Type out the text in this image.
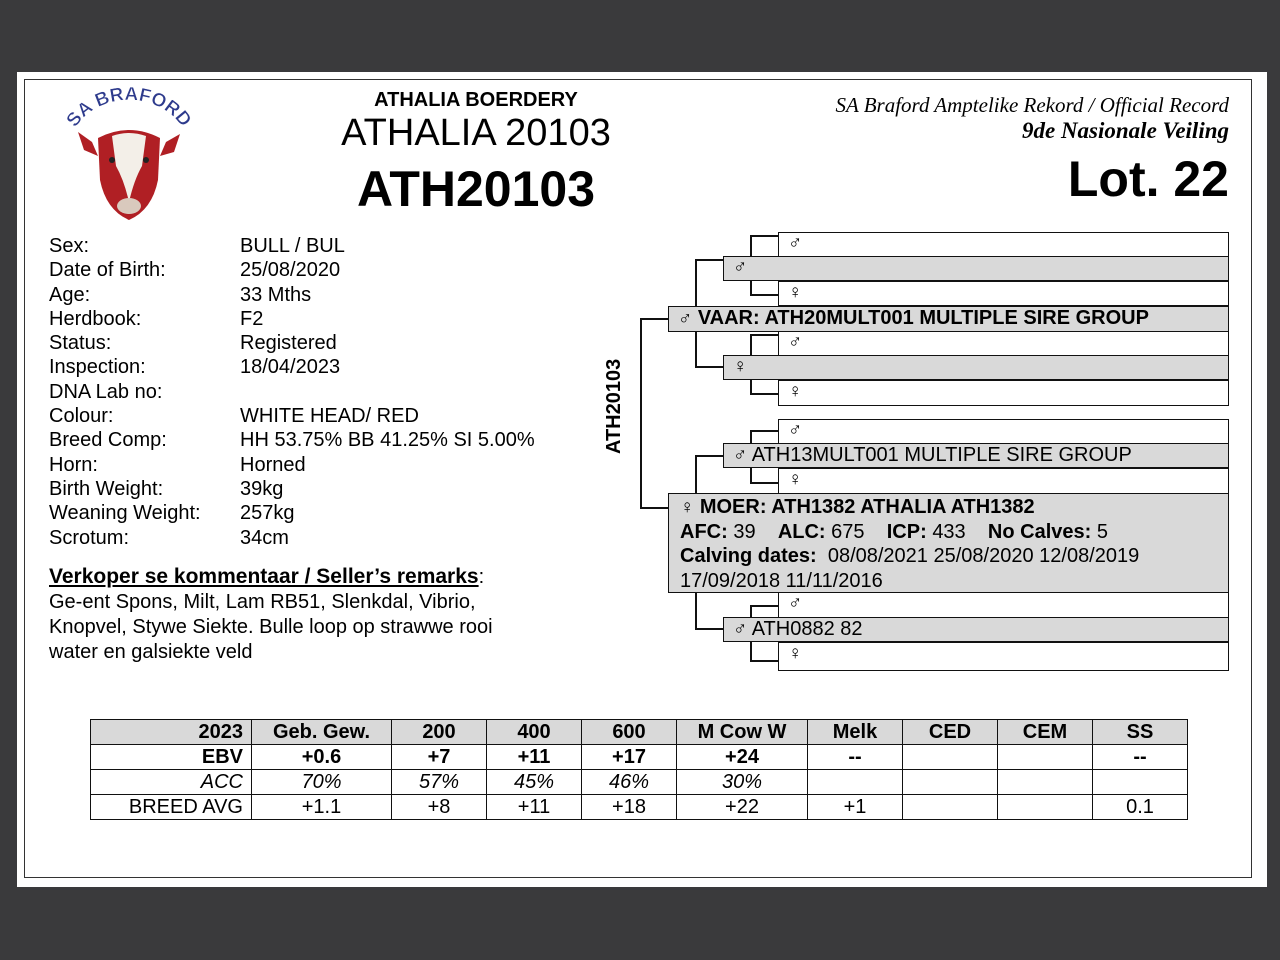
SA BRAFORD
ATHALIA BOERDERY
ATHALIA 20103
ATH20103
SA Braford Amptelike Rekord / Official Record
9de Nasionale Veiling
Lot. 22
Sex:	BULL / BUL
Date of Birth:	25/08/2020
Age:	33 Mths
Herdbook:	F2
Status:	Registered
Inspection:	18/04/2023
DNA Lab no:
Colour:	WHITE HEAD/ RED
Breed Comp:	HH 53.75% BB 41.25% SI 5.00%
Horn:	Horned
Birth Weight:	39kg
Weaning Weight:	257kg
Scrotum:	34cm
Verkoper se kommentaar / Seller’s remarks:
Ge-ent Spons, Milt, Lam RB51, Slenkdal, Vibrio,
Knopvel, Stywe Siekte. Bulle loop op strawwe rooi
water en galsiekte veld
ATH20103
♂
♂
♀
♂ VAAR: ATH20MULT001 MULTIPLE SIRE GROUP
♂
♀
♀
♂
♂ ATH13MULT001 MULTIPLE SIRE GROUP
♀
♀ MOER: ATH1382 ATHALIA ATH1382
AFC: 39 ALC: 675 ICP: 433 No Calves: 5
Calving dates: 08/08/2021 25/08/2020 12/08/2019
17/09/2018 11/11/2016
♂
♂ ATH0882 82
♀
2023	Geb. Gew.	200	400	600	M Cow W	Melk	CED	CEM	SS
EBV	+0.6	+7	+11	+17	+24	--			--
ACC	70%	57%	45%	46%	30%				
BREED AVG	+1.1	+8	+11	+18	+22	+1			0.1
